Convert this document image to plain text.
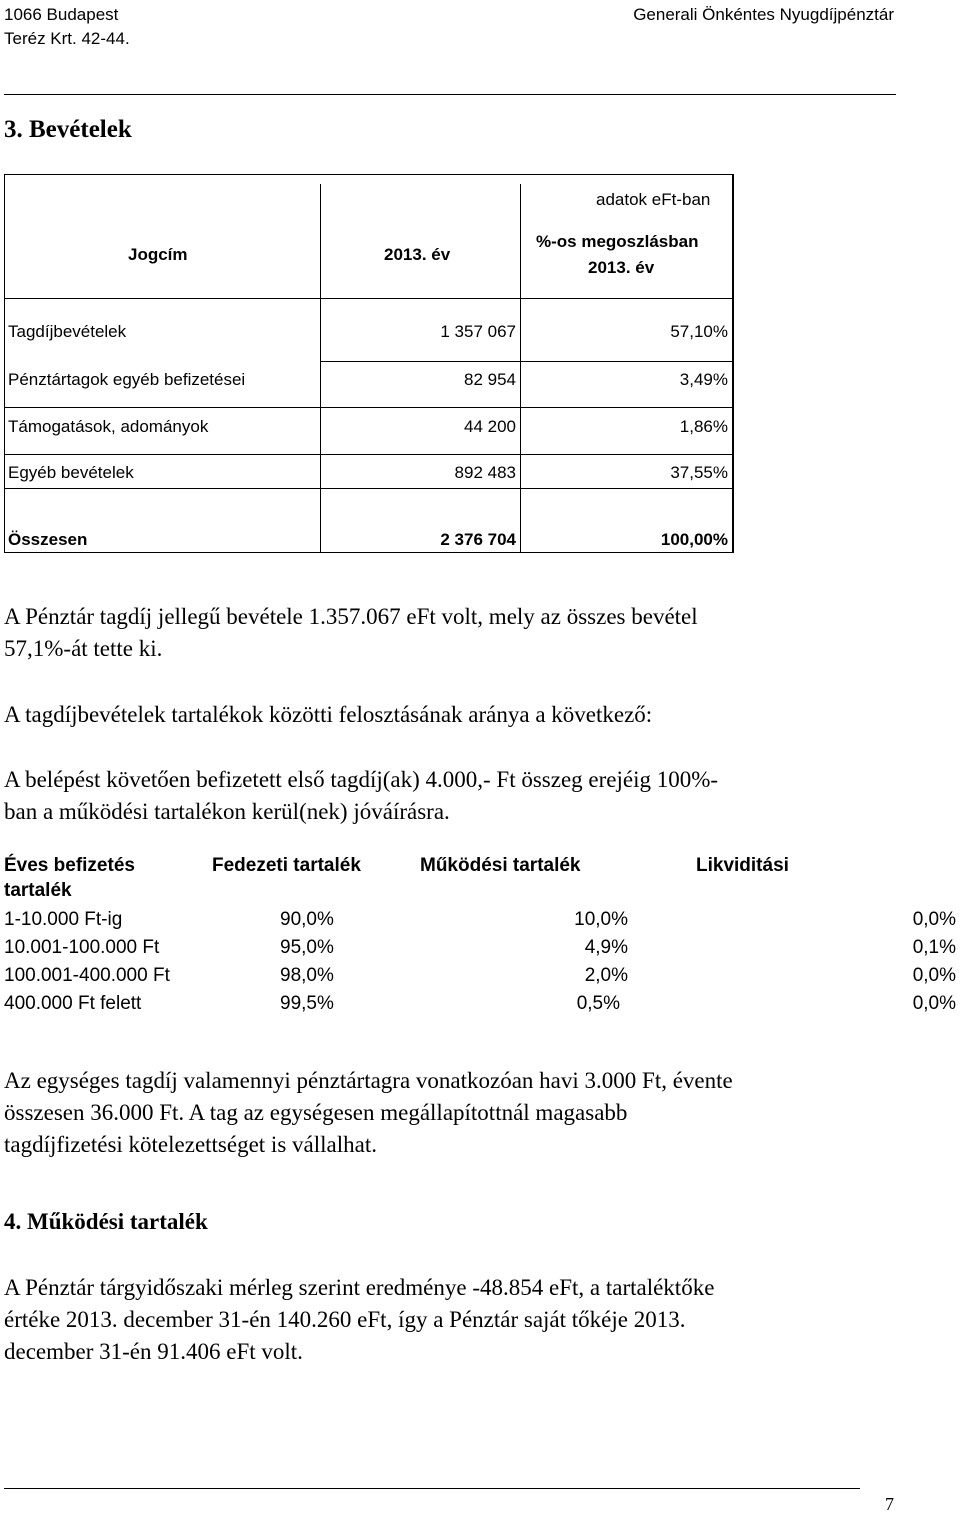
1066 Budapest
Teréz Krt. 42-44.
Generali Önkéntes Nyugdíjpénztár
3. Bevételek
adatok eFt-ban
Jogcím	2013. év
%-os megoszlásban
2013. év
Tagdíjbevételek	1 357 067	57,10%
Pénztártagok egyéb befizetései	82 954	3,49%
Támogatások, adományok	44 200	1,86%
Egyéb bevételek	892 483	37,55%
Összesen	2 376 704	100,00%
A Pénztár tagdíj jellegű bevétele 1.357.067 eFt volt, mely az összes bevétel
57,1%-át tette ki.
A tagdíjbevételek tartalékok közötti felosztásának aránya a következő:
A belépést követően befizetett első tagdíj(ak) 4.000,- Ft összeg erejéig 100%-
ban a működési tartalékon kerül(nek) jóváírásra.
Éves befizetés	Fedezeti tartalék	Működési tartalék	Likviditási
tartalék
1-10.000 Ft-ig	90,0%	10,0%	0,0%
10.001-100.000 Ft	95,0%	4,9%	0,1%
100.001-400.000 Ft	98,0%	2,0%	0,0%
400.000 Ft felett	99,5%	0,5%	0,0%
Az egységes tagdíj valamennyi pénztártagra vonatkozóan havi 3.000 Ft, évente
összesen 36.000 Ft. A tag az egységesen megállapítottnál magasabb
tagdíjfizetési kötelezettséget is vállalhat.
4. Működési tartalék
A Pénztár tárgyidőszaki mérleg szerint eredménye -48.854 eFt, a tartaléktőke
értéke 2013. december 31-én 140.260 eFt, így a Pénztár saját tőkéje 2013.
december 31-én 91.406 eFt volt.
7
